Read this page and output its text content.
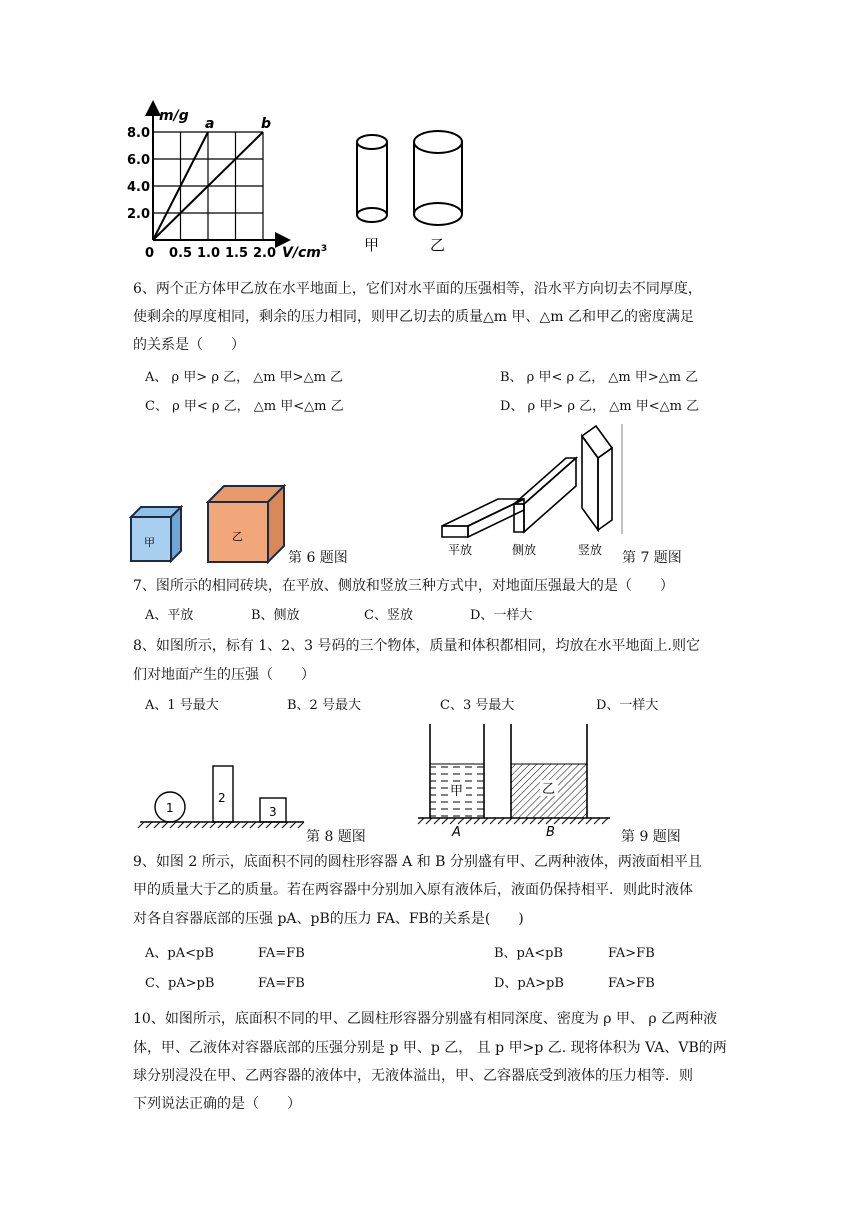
a	b
m/g
8.0
6.0
4.0
2.0
0 0.5 1.0 1.5 2.0 $V/cm^3$ 甲	乙
6、两个正方体甲乙放在水平地面上，它们对水平面的压强相等，沿水平方向切去不同厚度，
使剩余的厚度相同，剩余的压力相同，则甲乙切去的质量△m 甲、△m 乙和甲乙的密度满足
的关系是（　　）
A、 ρ 甲> ρ 乙， △m 甲>△m 乙	B、 ρ 甲< ρ 乙， △m 甲>△m 乙
C、 ρ 甲< ρ 乙， △m 甲<△m 乙	D、 ρ 甲> ρ 乙， △m 甲<△m 乙
甲	乙
第 6 题图	平放	侧放	竖放 第 7 题图
7、图所示的相同砖块，在平放、侧放和竖放三种方式中，对地面压强最大的是（　　）
A、平放	B、侧放	C、竖放	D、一样大
8、如图所示，标有 1、2、3 号码的三个物体，质量和体积都相同，均放在水平地面上.则它
们对地面产生的压强（　　）
A、1 号最大	B、2 号最大	C、3 号最大	D、一样大
1
2
3
第 8 题图
甲	乙
A	B	第 9 题图
9、如图 2 所示，底面积不同的圆柱形容器 A 和 B 分别盛有甲、乙两种液体，两液面相平且
甲的质量大于乙的质量。若在两容器中分别加入原有液体后，液面仍保持相平．则此时液体
对各自容器底部的压强 pA、pB的压力 FA、FB的关系是(　　)
A、pA<pB	FA=FB	B、pA<pB	FA>FB
C、pA>pB	FA=FB	D、pA>pB	FA>FB
10、如图所示，底面积不同的甲、乙圆柱形容器分别盛有相同深度、密度为 ρ 甲、 ρ 乙两种液
体，甲、乙液体对容器底部的压强分别是 p 甲、p 乙， 且 p 甲>p 乙. 现将体积为 VA、VB的两
球分别浸没在甲、乙两容器的液体中，无液体溢出，甲、乙容器底受到液体的压力相等．则
下列说法正确的是（　　）
